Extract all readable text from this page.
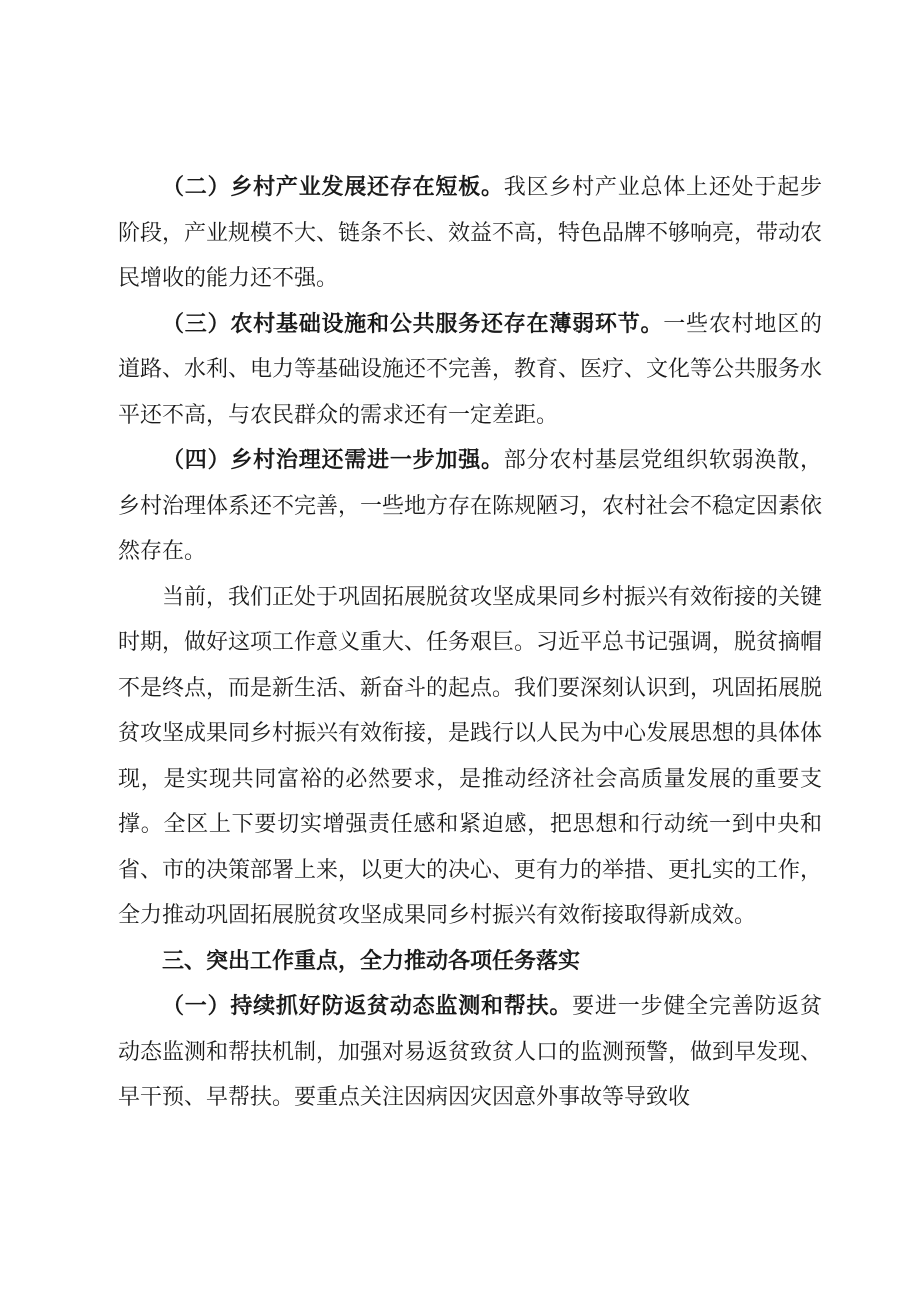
（二）乡村产业发展还存在短板。我区乡村产业总体上还处于起步阶段，产业规模不大、链条不长、效益不高，特色品牌不够响亮，带动农民增收的能力还不强。

（三）农村基础设施和公共服务还存在薄弱环节。一些农村地区的道路、水利、电力等基础设施还不完善，教育、医疗、文化等公共服务水平还不高，与农民群众的需求还有一定差距。

（四）乡村治理还需进一步加强。部分农村基层党组织软弱涣散，乡村治理体系还不完善，一些地方存在陈规陋习，农村社会不稳定因素依然存在。

当前，我们正处于巩固拓展脱贫攻坚成果同乡村振兴有效衔接的关键时期，做好这项工作意义重大、任务艰巨。习近平总书记强调，脱贫摘帽不是终点，而是新生活、新奋斗的起点。我们要深刻认识到，巩固拓展脱贫攻坚成果同乡村振兴有效衔接，是践行以人民为中心发展思想的具体体现，是实现共同富裕的必然要求，是推动经济社会高质量发展的重要支撑。全区上下要切实增强责任感和紧迫感，把思想和行动统一到中央和省、市的决策部署上来，以更大的决心、更有力的举措、更扎实的工作，全力推动巩固拓展脱贫攻坚成果同乡村振兴有效衔接取得新成效。

三、突出工作重点，全力推动各项任务落实

（一）持续抓好防返贫动态监测和帮扶。要进一步健全完善防返贫动态监测和帮扶机制，加强对易返贫致贫人口的监测预警，做到早发现、早干预、早帮扶。要重点关注因病因灾因意外事故等导致收
